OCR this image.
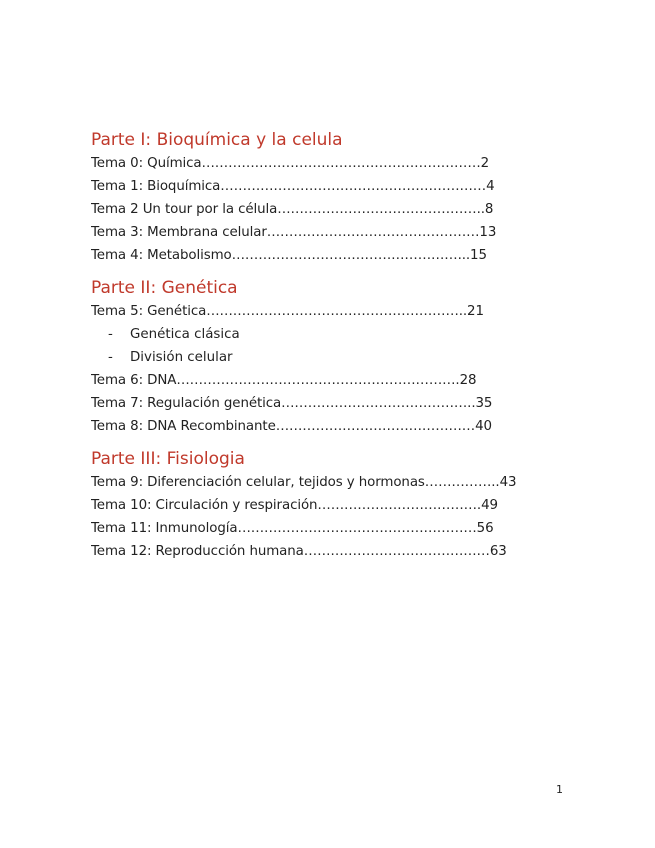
Parte I: Bioquímica y la celula
Tema 0: Química………………………………………………………2
Tema 1: Bioquímica……………………………………………………4
Tema 2 Un tour por la célula………………………………………..8
Tema 3: Membrana celular…………………………………………13
Tema 4: Metabolismo……………………………………………...15
Parte II: Genética
Tema 5: Genética…………………………………………………..21
- Genética clásica
- División celular
Tema 6: DNA……………………………………………………….28
Tema 7: Regulación genética……………………………………..35
Tema 8: DNA Recombinante………………………………………40
Parte III: Fisiologia
Tema 9: Diferenciación celular, tejidos y hormonas……………..43
Tema 10: Circulación y respiración……………………………….49
Tema 11: Inmunología………………………………………………56
Tema 12: Reproducción humana……………………………………63
1
